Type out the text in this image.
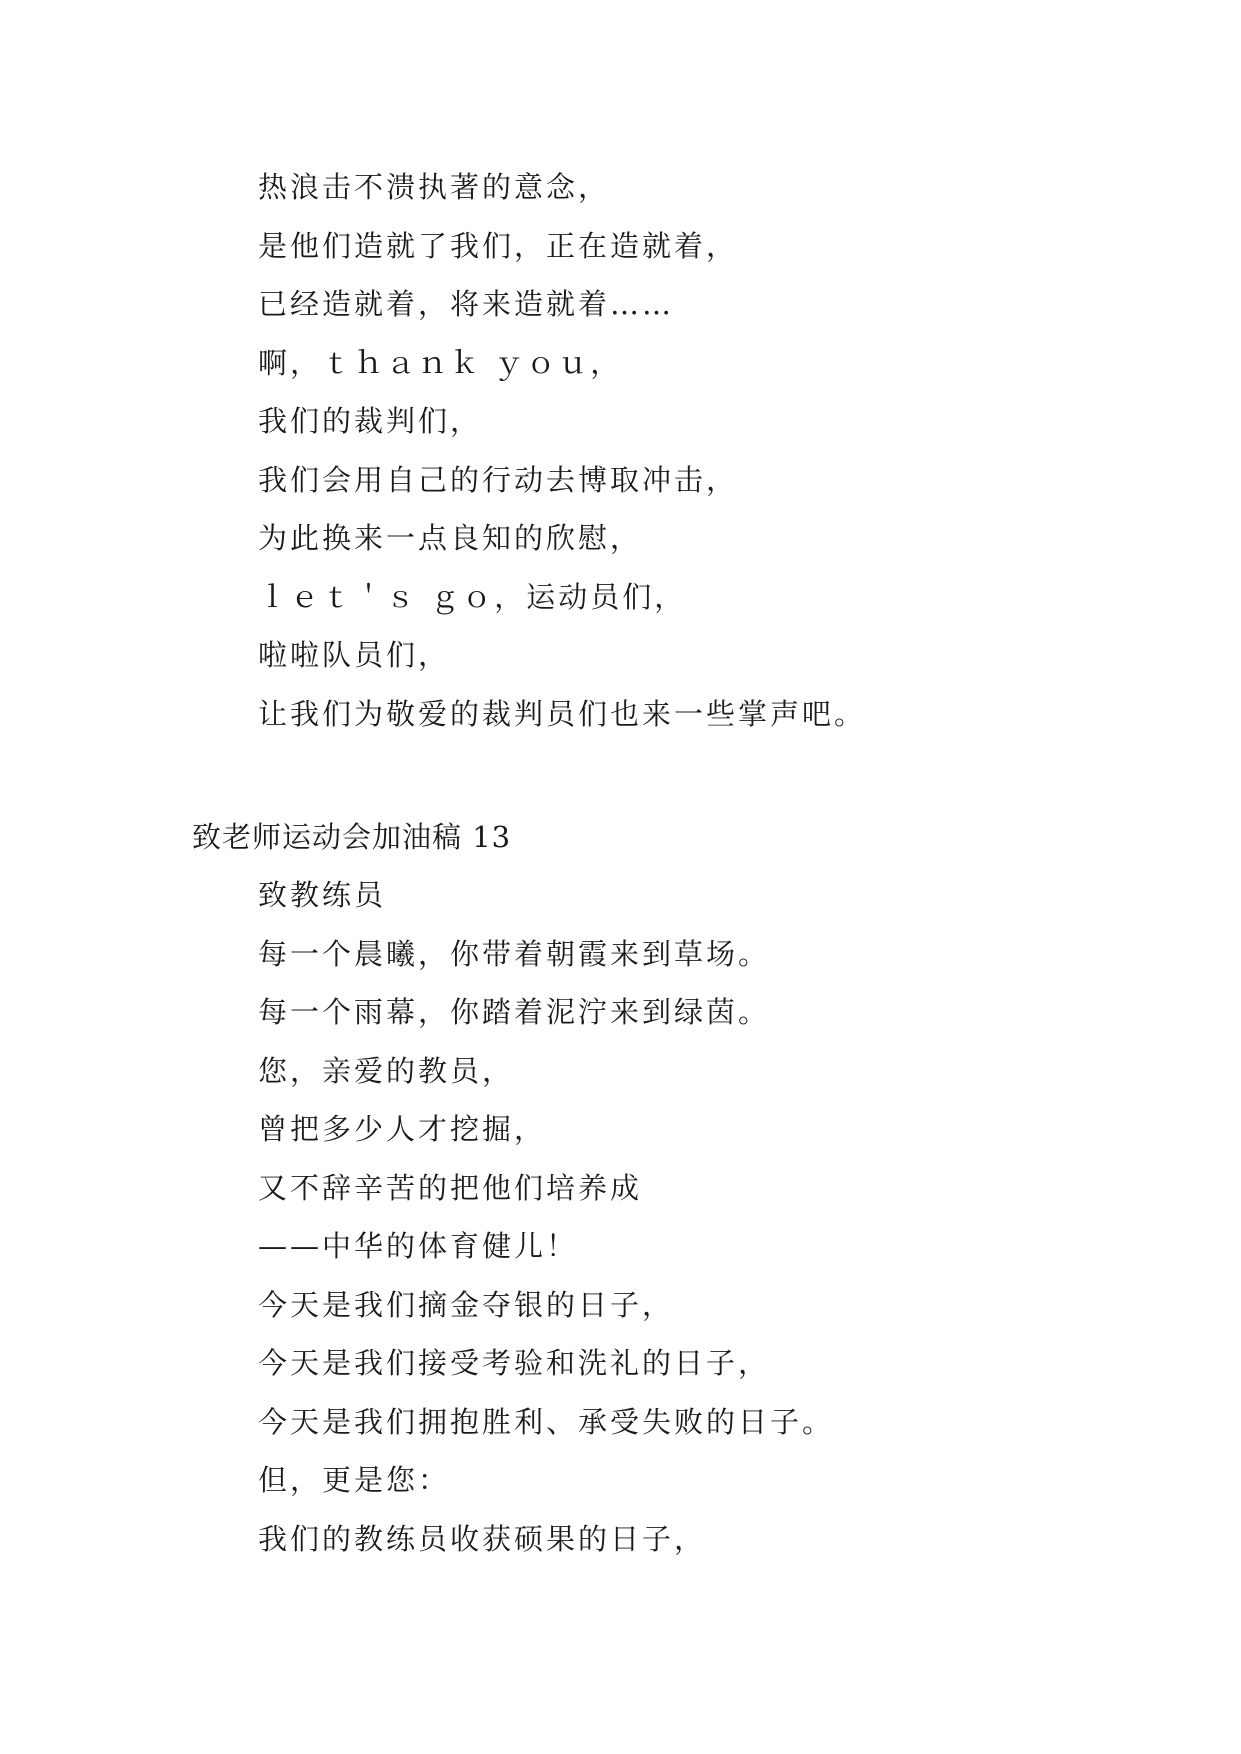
热浪击不溃执著的意念，
是他们造就了我们，正在造就着，
已经造就着，将来造就着……
啊，ｔｈａｎｋ ｙｏｕ，
我们的裁判们，
我们会用自己的行动去博取冲击，
为此换来一点良知的欣慰，
ｌｅｔ＇ｓ ｇｏ，运动员们，
啦啦队员们，
让我们为敬爱的裁判员们也来一些掌声吧。
致老师运动会加油稿 13
致教练员
每一个晨曦，你带着朝霞来到草场。
每一个雨幕，你踏着泥泞来到绿茵。
您，亲爱的教员，
曾把多少人才挖掘，
又不辞辛苦的把他们培养成
——中华的体育健儿！
今天是我们摘金夺银的日子，
今天是我们接受考验和洗礼的日子，
今天是我们拥抱胜利、承受失败的日子。
但，更是您：
我们的教练员收获硕果的日子，
